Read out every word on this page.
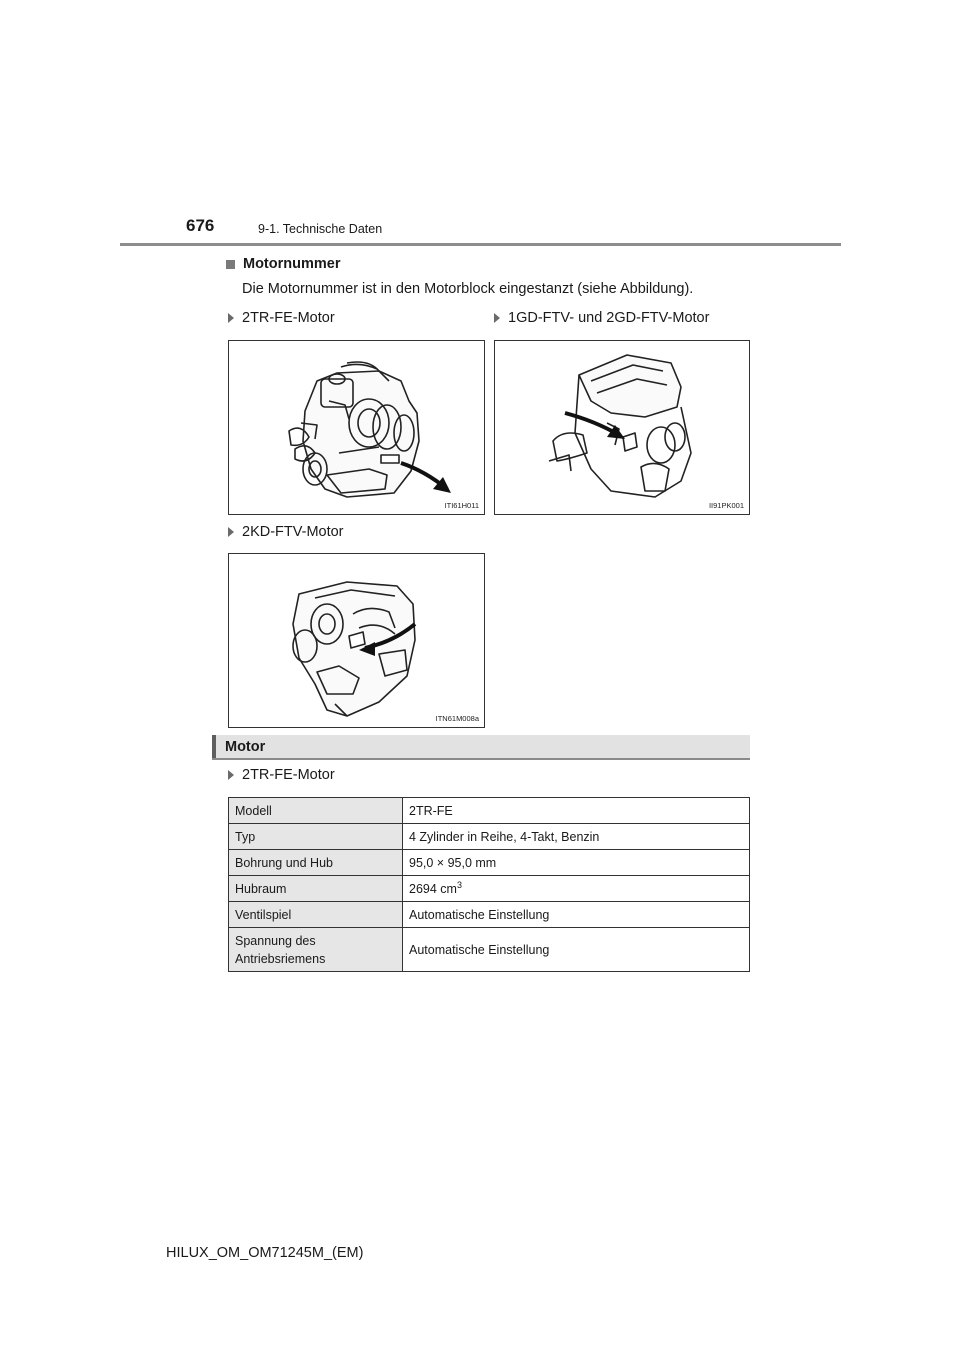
676	9-1. Technische Daten
Motornummer
Die Motornummer ist in den Motorblock eingestanzt (siehe Abbildung).
2TR-FE-Motor	1GD-FTV- und 2GD-FTV-Motor
ITI61H011	II91PK001
2KD-FTV-Motor
ITN61M008a
Motor
2TR-FE-Motor
Modell	2TR-FE
Typ	4 Zylinder in Reihe, 4-Takt, Benzin
Bohrung und Hub	95,0 × 95,0 mm
Hubraum	2694 $cm^3$
Ventilspiel	Automatische Einstellung
Spannung des Antriebsriemens	Automatische Einstellung
HILUX_OM_OM71245M_(EM)
